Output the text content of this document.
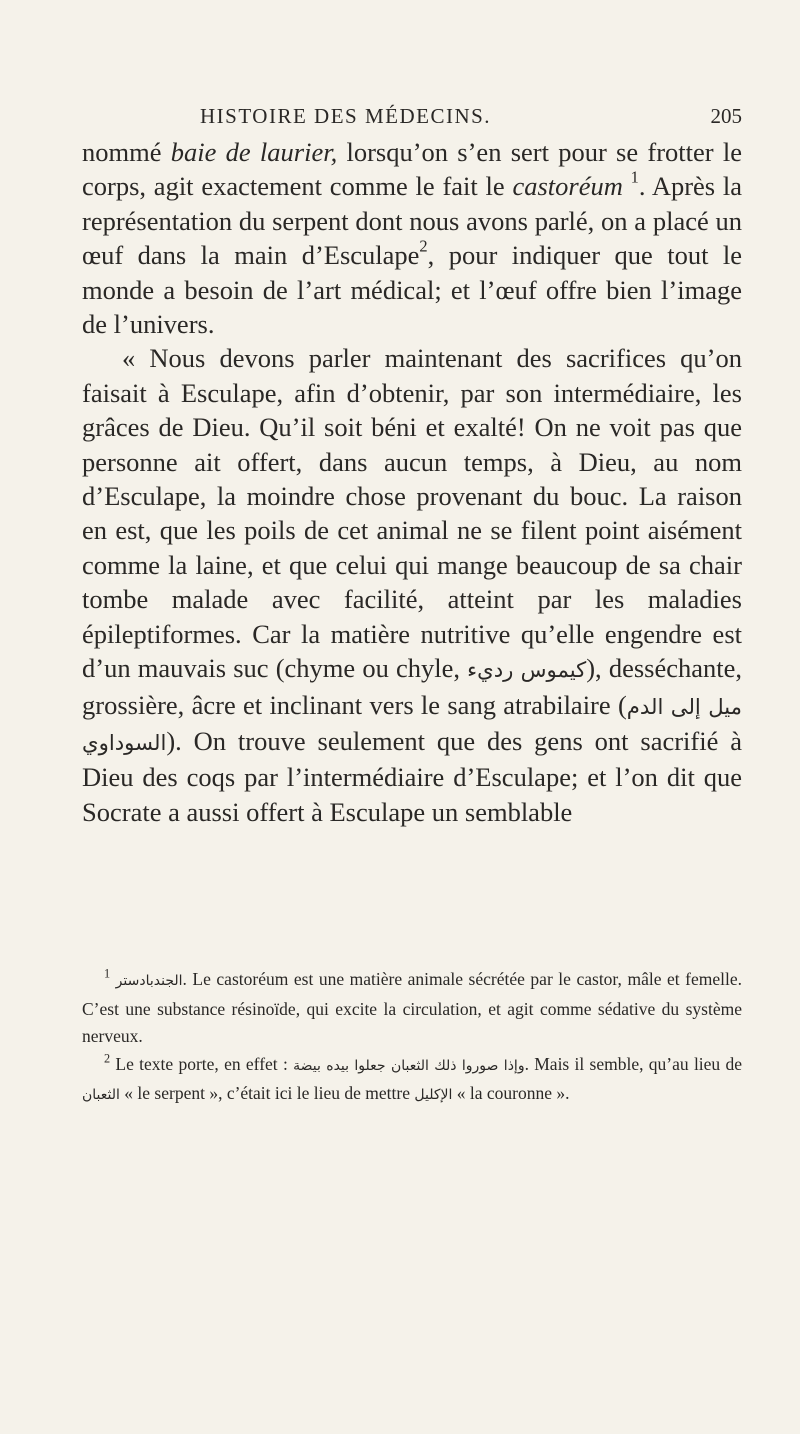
HISTOIRE DES MÉDECINS.	205

nommé baie de laurier, lorsqu’on s’en sert pour se frotter le corps, agit exactement comme le fait le castoréum $^1$. Après la représentation du serpent dont nous avons parlé, on a placé un œuf dans la main d’Esculape$^2$, pour indiquer que tout le monde a besoin de l’art médical; et l’œuf offre bien l’image de l’univers.

« Nous devons parler maintenant des sacrifices qu’on faisait à Esculape, afin d’obtenir, par son intermédiaire, les grâces de Dieu. Qu’il soit béni et exalté! On ne voit pas que personne ait offert, dans aucun temps, à Dieu, au nom d’Esculape, la moindre chose provenant du bouc. La raison en est, que les poils de cet animal ne se filent point aisément comme la laine, et que celui qui mange beaucoup de sa chair tombe malade avec facilité, atteint par les maladies épileptiformes. Car la matière nutritive qu’elle engendre est d’un mauvais suc (chyme ou chyle, كيموس رديء), desséchante, grossière, âcre et inclinant vers le sang atrabilaire (ميل إلى الدم السوداوي). On trouve seulement que des gens ont sacrifié à Dieu des coqs par l’intermédiaire d’Esculape; et l’on dit que Socrate a aussi offert à Esculape un semblable

$^1$ الجندبادستر. Le castoréum est une matière animale sécrétée par le castor, mâle et femelle. C’est une substance résinoïde, qui excite la circulation, et agit comme sédative du système nerveux.

$^2$ Le texte porte, en effet : وإذا صوروا ذلك الثعبان جعلوا بيده بيضة. Mais il semble, qu’au lieu de الثعبان « le serpent », c’était ici le lieu de mettre الإكليل « la couronne ».
